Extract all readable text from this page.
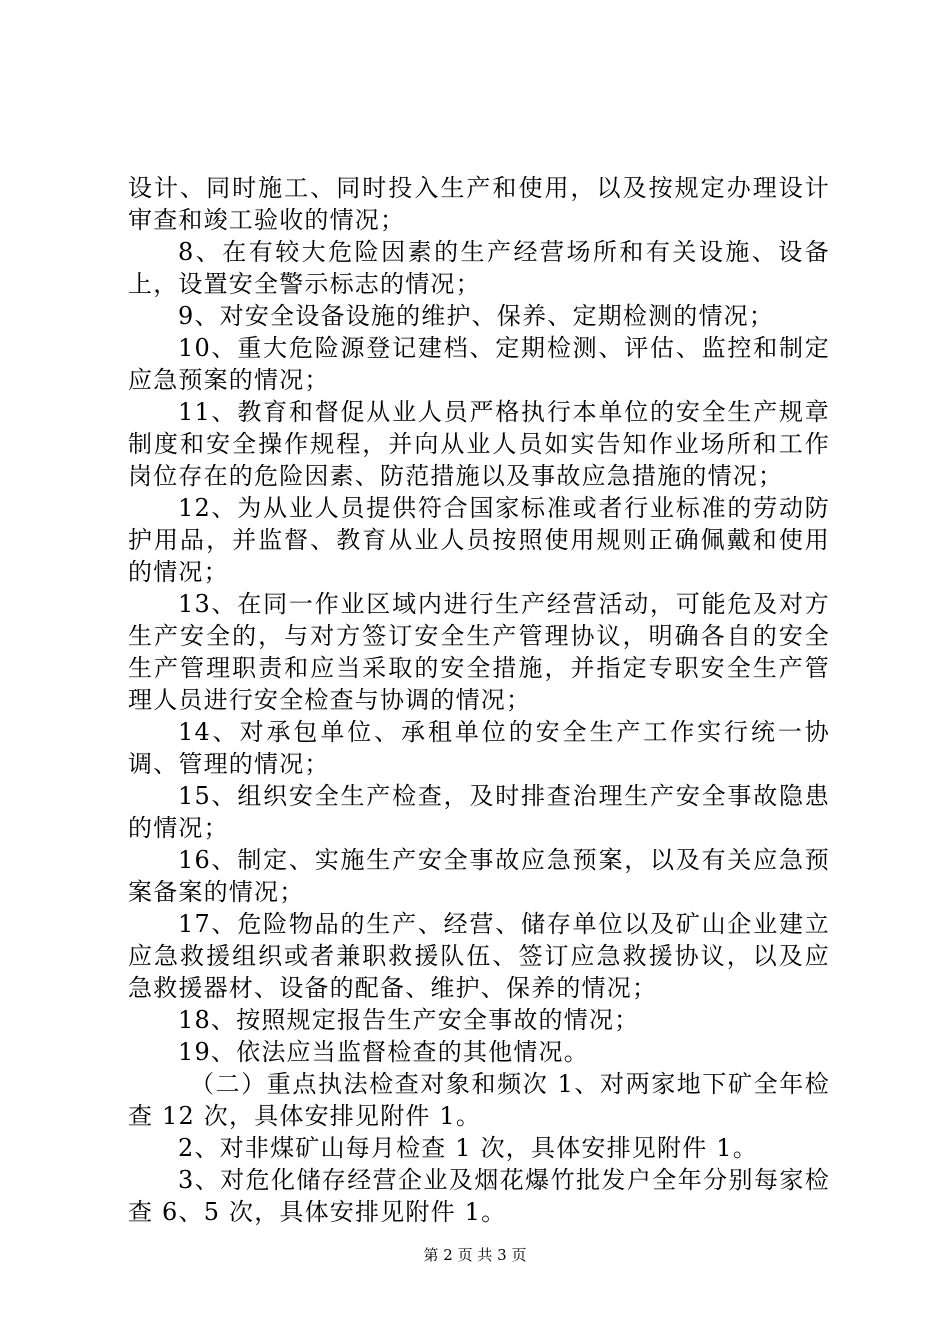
设计、同时施工、同时投入生产和使用，以及按规定办理设计审查和竣工验收的情况；

8、在有较大危险因素的生产经营场所和有关设施、设备上，设置安全警示标志的情况；

9、对安全设备设施的维护、保养、定期检测的情况；

10、重大危险源登记建档、定期检测、评估、监控和制定应急预案的情况；

11、教育和督促从业人员严格执行本单位的安全生产规章制度和安全操作规程，并向从业人员如实告知作业场所和工作岗位存在的危险因素、防范措施以及事故应急措施的情况；

12、为从业人员提供符合国家标准或者行业标准的劳动防护用品，并监督、教育从业人员按照使用规则正确佩戴和使用的情况；

13、在同一作业区域内进行生产经营活动，可能危及对方生产安全的，与对方签订安全生产管理协议，明确各自的安全生产管理职责和应当采取的安全措施，并指定专职安全生产管理人员进行安全检查与协调的情况；

14、对承包单位、承租单位的安全生产工作实行统一协调、管理的情况；

15、组织安全生产检查，及时排查治理生产安全事故隐患的情况；

16、制定、实施生产安全事故应急预案，以及有关应急预案备案的情况；

17、危险物品的生产、经营、储存单位以及矿山企业建立应急救援组织或者兼职救援队伍、签订应急救援协议，以及应急救援器材、设备的配备、维护、保养的情况；

18、按照规定报告生产安全事故的情况；

19、依法应当监督检查的其他情况。

（二）重点执法检查对象和频次 1、对两家地下矿全年检查 12 次，具体安排见附件 1。

2、对非煤矿山每月检查 1 次，具体安排见附件 1。

3、对危化储存经营企业及烟花爆竹批发户全年分别每家检查 6、5 次，具体安排见附件 1。

第 2 页 共 3 页
